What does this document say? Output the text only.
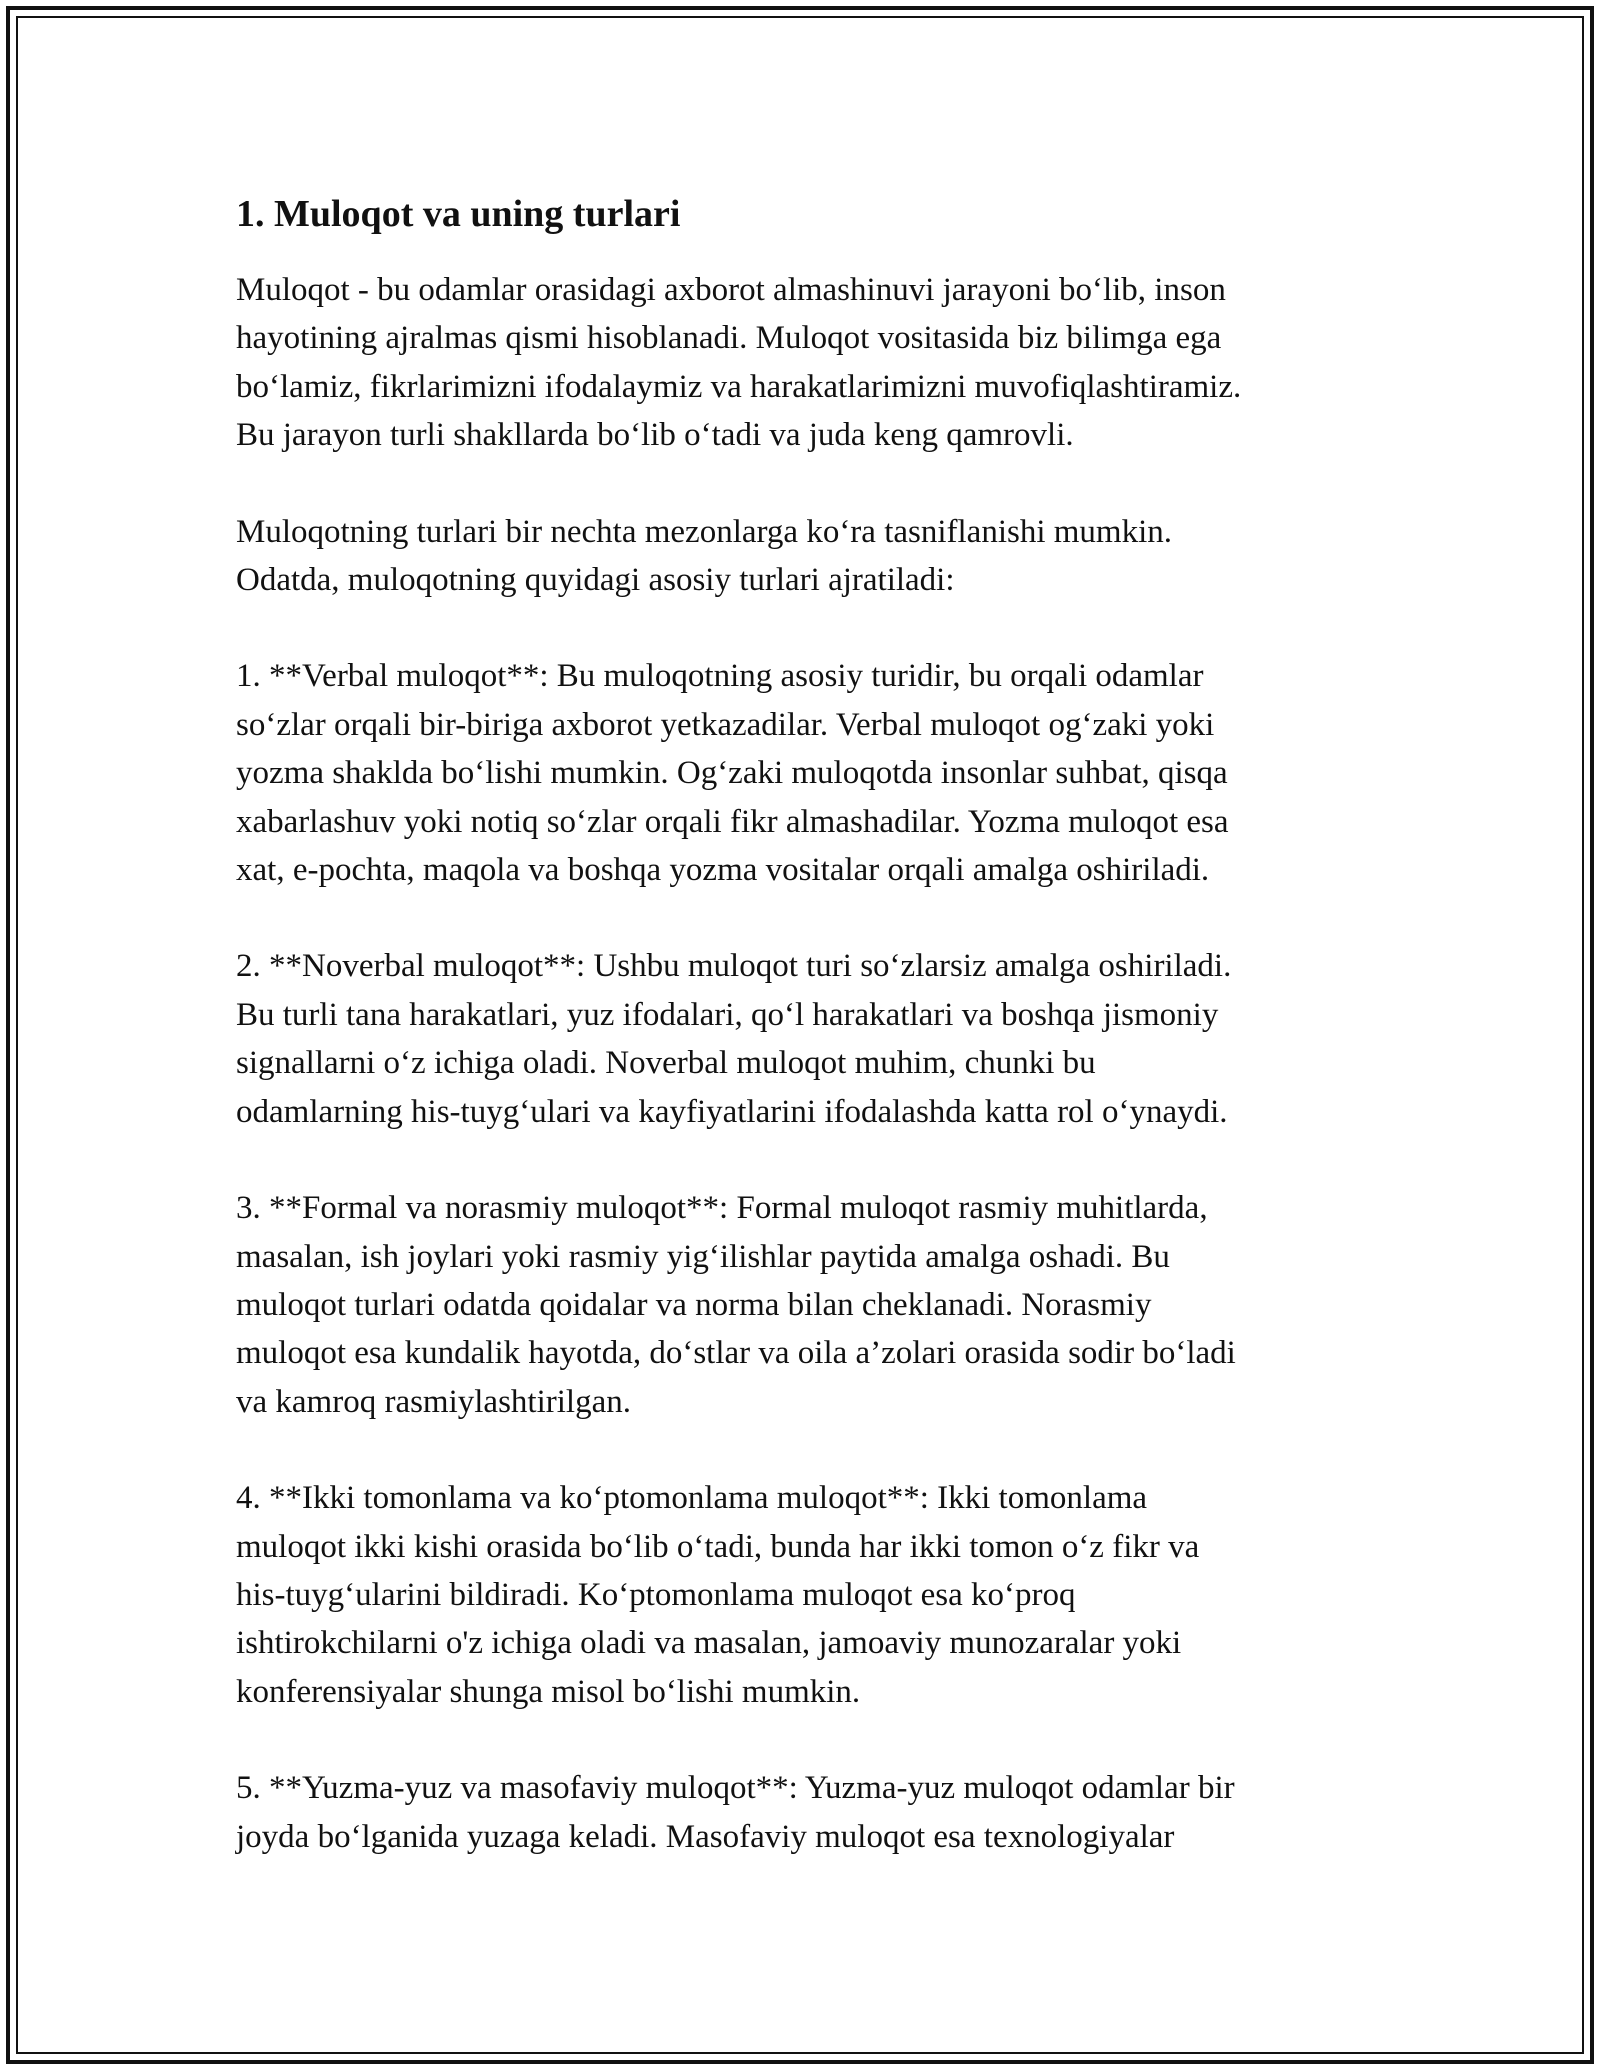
1. Muloqot va uning turlari

Muloqot - bu odamlar orasidagi axborot almashinuvi jarayoni bo‘lib, inson
hayotining ajralmas qismi hisoblanadi. Muloqot vositasida biz bilimga ega
bo‘lamiz, fikrlarimizni ifodalaymiz va harakatlarimizni muvofiqlashtiramiz.
Bu jarayon turli shakllarda bo‘lib o‘tadi va juda keng qamrovli.

Muloqotning turlari bir nechta mezonlarga ko‘ra tasniflanishi mumkin.
Odatda, muloqotning quyidagi asosiy turlari ajratiladi:

1. **Verbal muloqot**: Bu muloqotning asosiy turidir, bu orqali odamlar
so‘zlar orqali bir-biriga axborot yetkazadilar. Verbal muloqot og‘zaki yoki
yozma shaklda bo‘lishi mumkin. Og‘zaki muloqotda insonlar suhbat, qisqa
xabarlashuv yoki notiq so‘zlar orqali fikr almashadilar. Yozma muloqot esa
xat, e-pochta, maqola va boshqa yozma vositalar orqali amalga oshiriladi.

2. **Noverbal muloqot**: Ushbu muloqot turi so‘zlarsiz amalga oshiriladi.
Bu turli tana harakatlari, yuz ifodalari, qo‘l harakatlari va boshqa jismoniy
signallarni o‘z ichiga oladi. Noverbal muloqot muhim, chunki bu
odamlarning his-tuyg‘ulari va kayfiyatlarini ifodalashda katta rol o‘ynaydi.

3. **Formal va norasmiy muloqot**: Formal muloqot rasmiy muhitlarda,
masalan, ish joylari yoki rasmiy yig‘ilishlar paytida amalga oshadi. Bu
muloqot turlari odatda qoidalar va norma bilan cheklanadi. Norasmiy
muloqot esa kundalik hayotda, do‘stlar va oila a’zolari orasida sodir bo‘ladi
va kamroq rasmiylashtirilgan.

4. **Ikki tomonlama va ko‘ptomonlama muloqot**: Ikki tomonlama
muloqot ikki kishi orasida bo‘lib o‘tadi, bunda har ikki tomon o‘z fikr va
his-tuyg‘ularini bildiradi. Ko‘ptomonlama muloqot esa ko‘proq
ishtirokchilarni o'z ichiga oladi va masalan, jamoaviy munozaralar yoki
konferensiyalar shunga misol bo‘lishi mumkin.

5. **Yuzma-yuz va masofaviy muloqot**: Yuzma-yuz muloqot odamlar bir
joyda bo‘lganida yuzaga keladi. Masofaviy muloqot esa texnologiyalar
